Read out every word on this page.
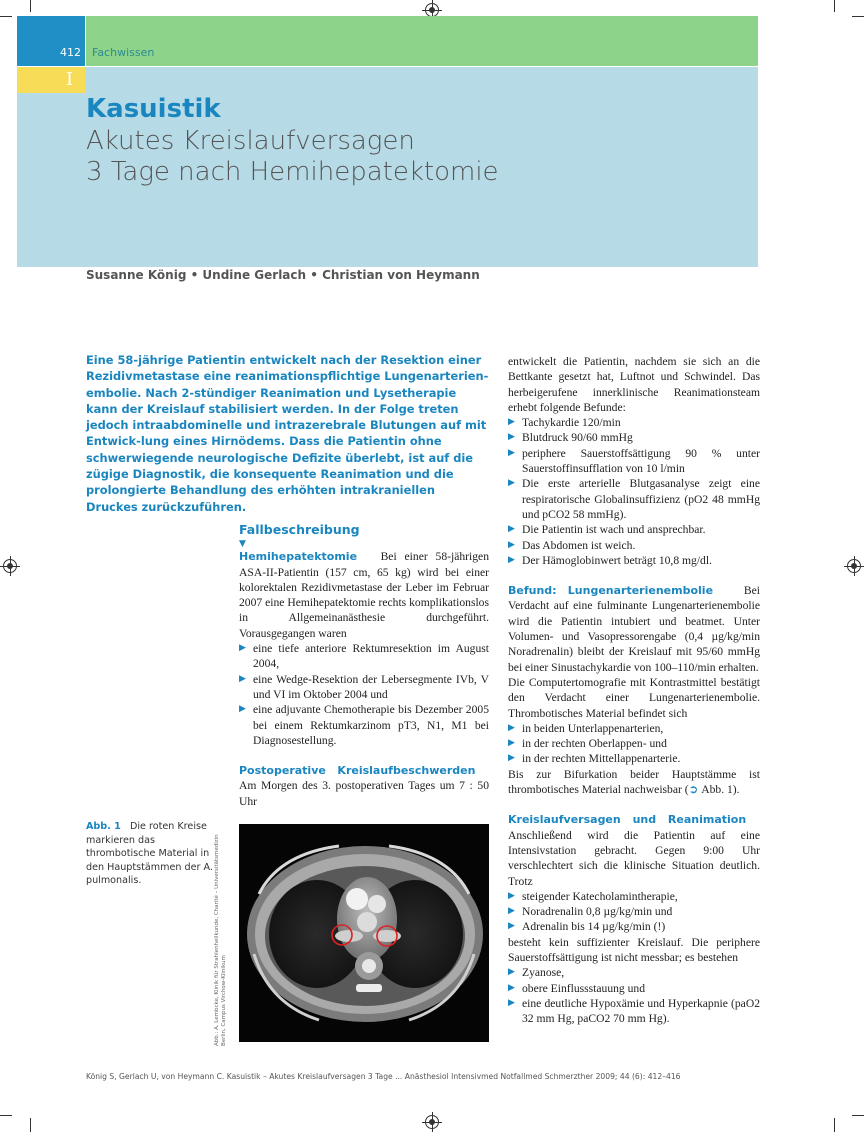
412 Fachwissen
I
Kasuistik
Akutes Kreislaufversagen
3 Tage nach Hemihepatektomie
Susanne König • Undine Gerlach • Christian von Heymann
Eine 58-jährige Patientin entwickelt nach der Resektion einer Rezidivmetastase eine reanimationspflichtige Lungenarterien-embolie. Nach 2-stündiger Reanimation und Lysetherapie kann der Kreislauf stabilisiert werden. In der Folge treten jedoch intraabdominelle und intrazerebrale Blutungen auf mit Entwick-lung eines Hirnödems. Dass die Patientin ohne schwerwiegende neurologische Defizite überlebt, ist auf die zügige Diagnostik, die konsequente Reanimation und die prolongierte Behandlung des erhöhten intrakraniellen Druckes zurückzuführen.

Fallbeschreibung

▼

Hemihepatektomie Bei einer 58-jährigen ASA-II-Patientin (157 cm, 65 kg) wird bei einer kolorektalen Rezidivmetastase der Leber im Februar 2007 eine Hemihepatektomie rechts komplikationslos in Allgemeinanästhesie durchgeführt. Vorausgegangen waren

▶ eine tiefe anteriore Rektumresektion im August 2004,
▶ eine Wedge-Resektion der Lebersegmente IVb, V und VI im Oktober 2004 und
▶ eine adjuvante Chemotherapie bis Dezember 2005 bei einem Rektumkarzinom pT3, N1, M1 bei Diagnosestellung.

Postoperative Kreislaufbeschwerden   Am Morgen des 3. postoperativen Tages um 7 : 50 Uhr

entwickelt die Patientin, nachdem sie sich an die Bettkante gesetzt hat, Luftnot und Schwindel. Das herbeigerufene innerklinische Reanimationsteam erhebt folgende Befunde:

▶ Tachykardie 120/min
▶ Blutdruck 90/60 mmHg
▶ periphere Sauerstoffsättigung 90 % unter Sauerstoffinsufflation von 10 l/min
▶ Die erste arterielle Blutgasanalyse zeigt eine respiratorische Globalinsuffizienz (pO2 48 mmHg und pCO2 58 mmHg).
▶ Die Patientin ist wach und ansprechbar.
▶ Das Abdomen ist weich.
▶ Der Hämoglobinwert beträgt 10,8 mg/dl.

Befund: Lungenarterienembolie	Bei Verdacht auf eine fulminante Lungenarterienembolie wird die Patientin intubiert und beatmet. Unter Volumen- und Vasopressorengabe (0,4 µg/kg/min Noradrenalin) bleibt der Kreislauf mit 95/60 mmHg bei einer Sinustachykardie von 100–110/min erhalten.

Die Computertomografie mit Kontrastmittel bestätigt den Verdacht einer Lungenarterienembolie. Thrombotisches Material befindet sich

▶ in beiden Unterlappenarterien,
▶ in der rechten Oberlappen- und
▶ in der rechten Mittellappenarterie.

Bis zur Bifurkation beider Hauptstämme ist thrombotisches Material nachweisbar (➲ Abb. 1).

Kreislaufversagen und Reanimation   Anschließend wird die Patientin auf eine Intensivstation gebracht. Gegen 9:00 Uhr verschlechtert sich die klinische Situation deutlich. Trotz

▶ steigender Katecholamintherapie,
▶ Noradrenalin 0,8 µg/kg/min und
▶ Adrenalin bis 14 µg/kg/min (!)

besteht kein suffizienter Kreislauf. Die periphere Sauerstoffsättigung ist nicht messbar; es bestehen

▶ Zyanose,
▶ obere Einflussstauung und
▶ eine deutliche Hypoxämie und Hyperkapnie (paO2 32 mm Hg, paCO2 70 mm Hg).
Abb. 1 Die roten Kreise markieren das thrombotische Material in den Hauptstämmen der A. pulmonalis.	Abb.: A. Lembcke, Klinik für Strahlenheilkunde, Charité – Universitätsmedizin Berlin, Campus Virchow-Klinikum
König S, Gerlach U, von Heymann C. Kasuistik – Akutes Kreislaufversagen 3 Tage ... Anästhesiol Intensivmed Notfallmed Schmerzther 2009; 44 (6): 412–416
